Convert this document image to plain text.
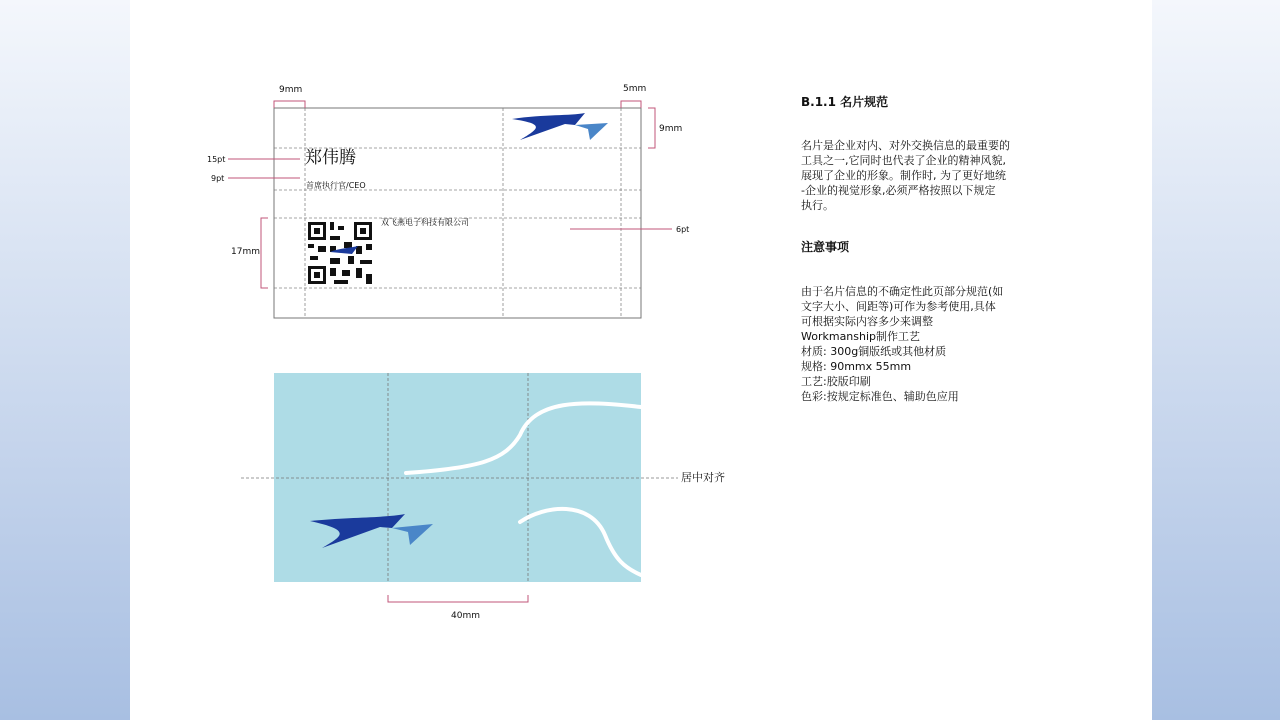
9mm	5mm
9mm
15pt
9pt
17mm
6pt
郑伟腾
首席执行官/CEO
双飞燕电子科技有限公司
居中对齐
40mm
B.1.1 名片规范
名片是企业对内、对外交换信息的最重要的
工具之一,它同时也代表了企业的精神风貌,
展现了企业的形象。制作时, 为了更好地统
-企业的视觉形象,必须严格按照以下规定
执行。
注意事项
由于名片信息的不确定性此页部分规范(如
文字大小、间距等)可作为参考使用,具体
可根据实际内容多少来调整
Workmanship制作工艺
材质: 300g铜版纸或其他材质
规格: 90mmx 55mm
工艺:胶版印刷
色彩:按规定标准色、辅助色应用
